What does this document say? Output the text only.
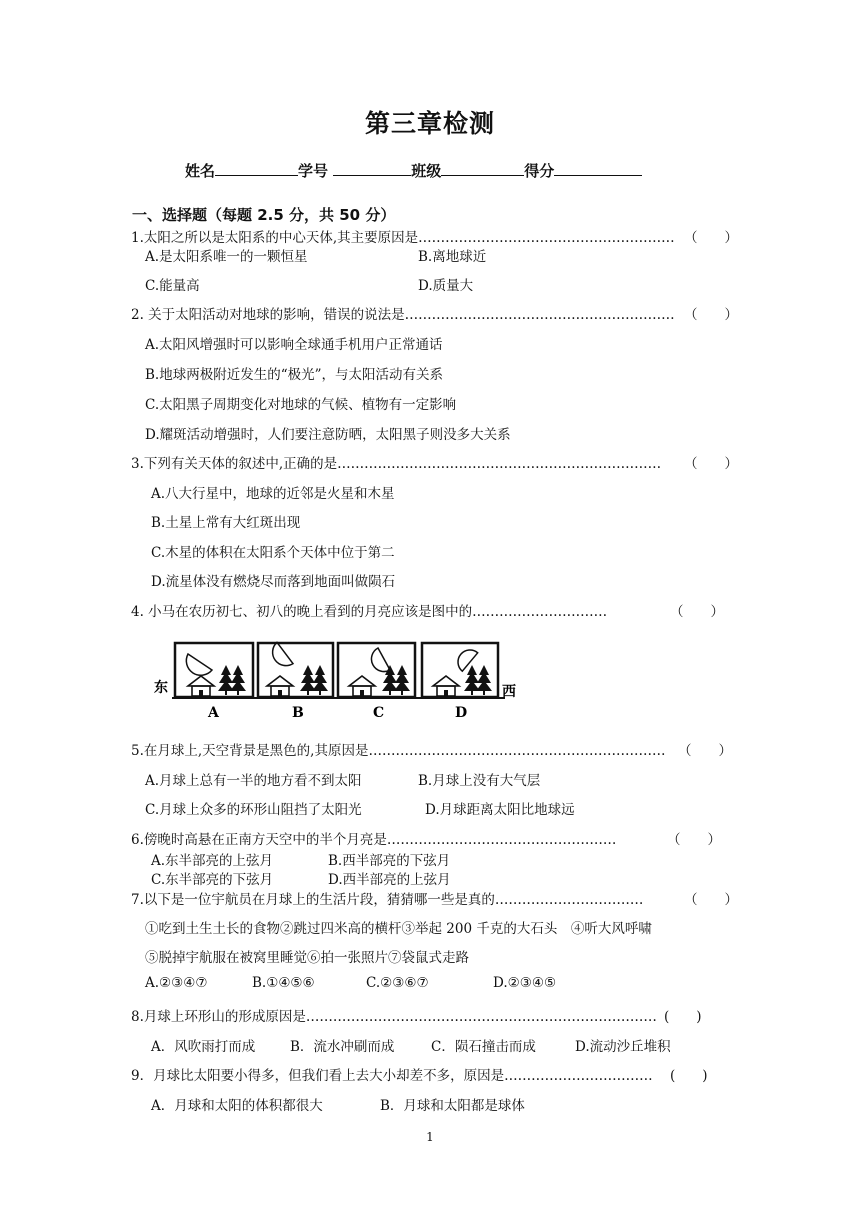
第三章检测
姓名	学号	班级	得分
一、选择题（每题 2.5 分，共 50 分）
1.太阳之所以是太阳系的中心天体,其主要原因是………………………………………………… （　　）
A.是太阳系唯一的一颗恒星	B.离地球近
C.能量高	D.质量大
2. 关于太阳活动对地球的影响，错误的说法是…………………………………………………… （　　）
A.太阳风增强时可以影响全球通手机用户正常通话
B.地球两极附近发生的“极光”，与太阳活动有关系
C.太阳黑子周期变化对地球的气候、植物有一定影响
D.耀斑活动增强时，人们要注意防晒，太阳黑子则没多大关系
3.下列有关天体的叙述中,正确的是……………………………………………………………… （　　）
A.八大行星中，地球的近邻是火星和木星
B.土星上常有大红斑出现
C.木星的体积在太阳系个天体中位于第二
D.流星体没有燃烧尽而落到地面叫做陨石
4. 小马在农历初七、初八的晚上看到的月亮应该是图中的…………………………	（　　）
东	西
A	B	C	D
5.在月球上,天空背景是黑色的,其原因是………………………………………………………… （　　）
A.月球上总有一半的地方看不到太阳	B.月球上没有大气层
C.月球上众多的环形山阻挡了太阳光	D.月球距离太阳比地球远
6.傍晚时高悬在正南方天空中的半个月亮是……………………………………………	（　　）
A.东半部亮的上弦月	B.西半部亮的下弦月
C.东半部亮的下弦月	D.西半部亮的上弦月
7.以下是一位宇航员在月球上的生活片段，猜猜哪一些是真的……………………………	（　　）
①吃到土生土长的食物②跳过四米高的横杆③举起 200 千克的大石头　④听大风呼啸
⑤脱掉宇航服在被窝里睡觉⑥拍一张照片⑦袋鼠式走路
A.②③④⑦	B.①④⑤⑥	C.②③⑥⑦	D.②③④⑤
8.月球上环形山的形成原因是…………………………………………………………………… (　　)
A．风吹雨打而成	B．流水冲刷而成	C．陨石撞击而成	D.流动沙丘堆积
9．月球比太阳要小得多，但我们看上去大小却差不多，原因是…………………………… (　　)
A．月球和太阳的体积都很大	B．月球和太阳都是球体
1
